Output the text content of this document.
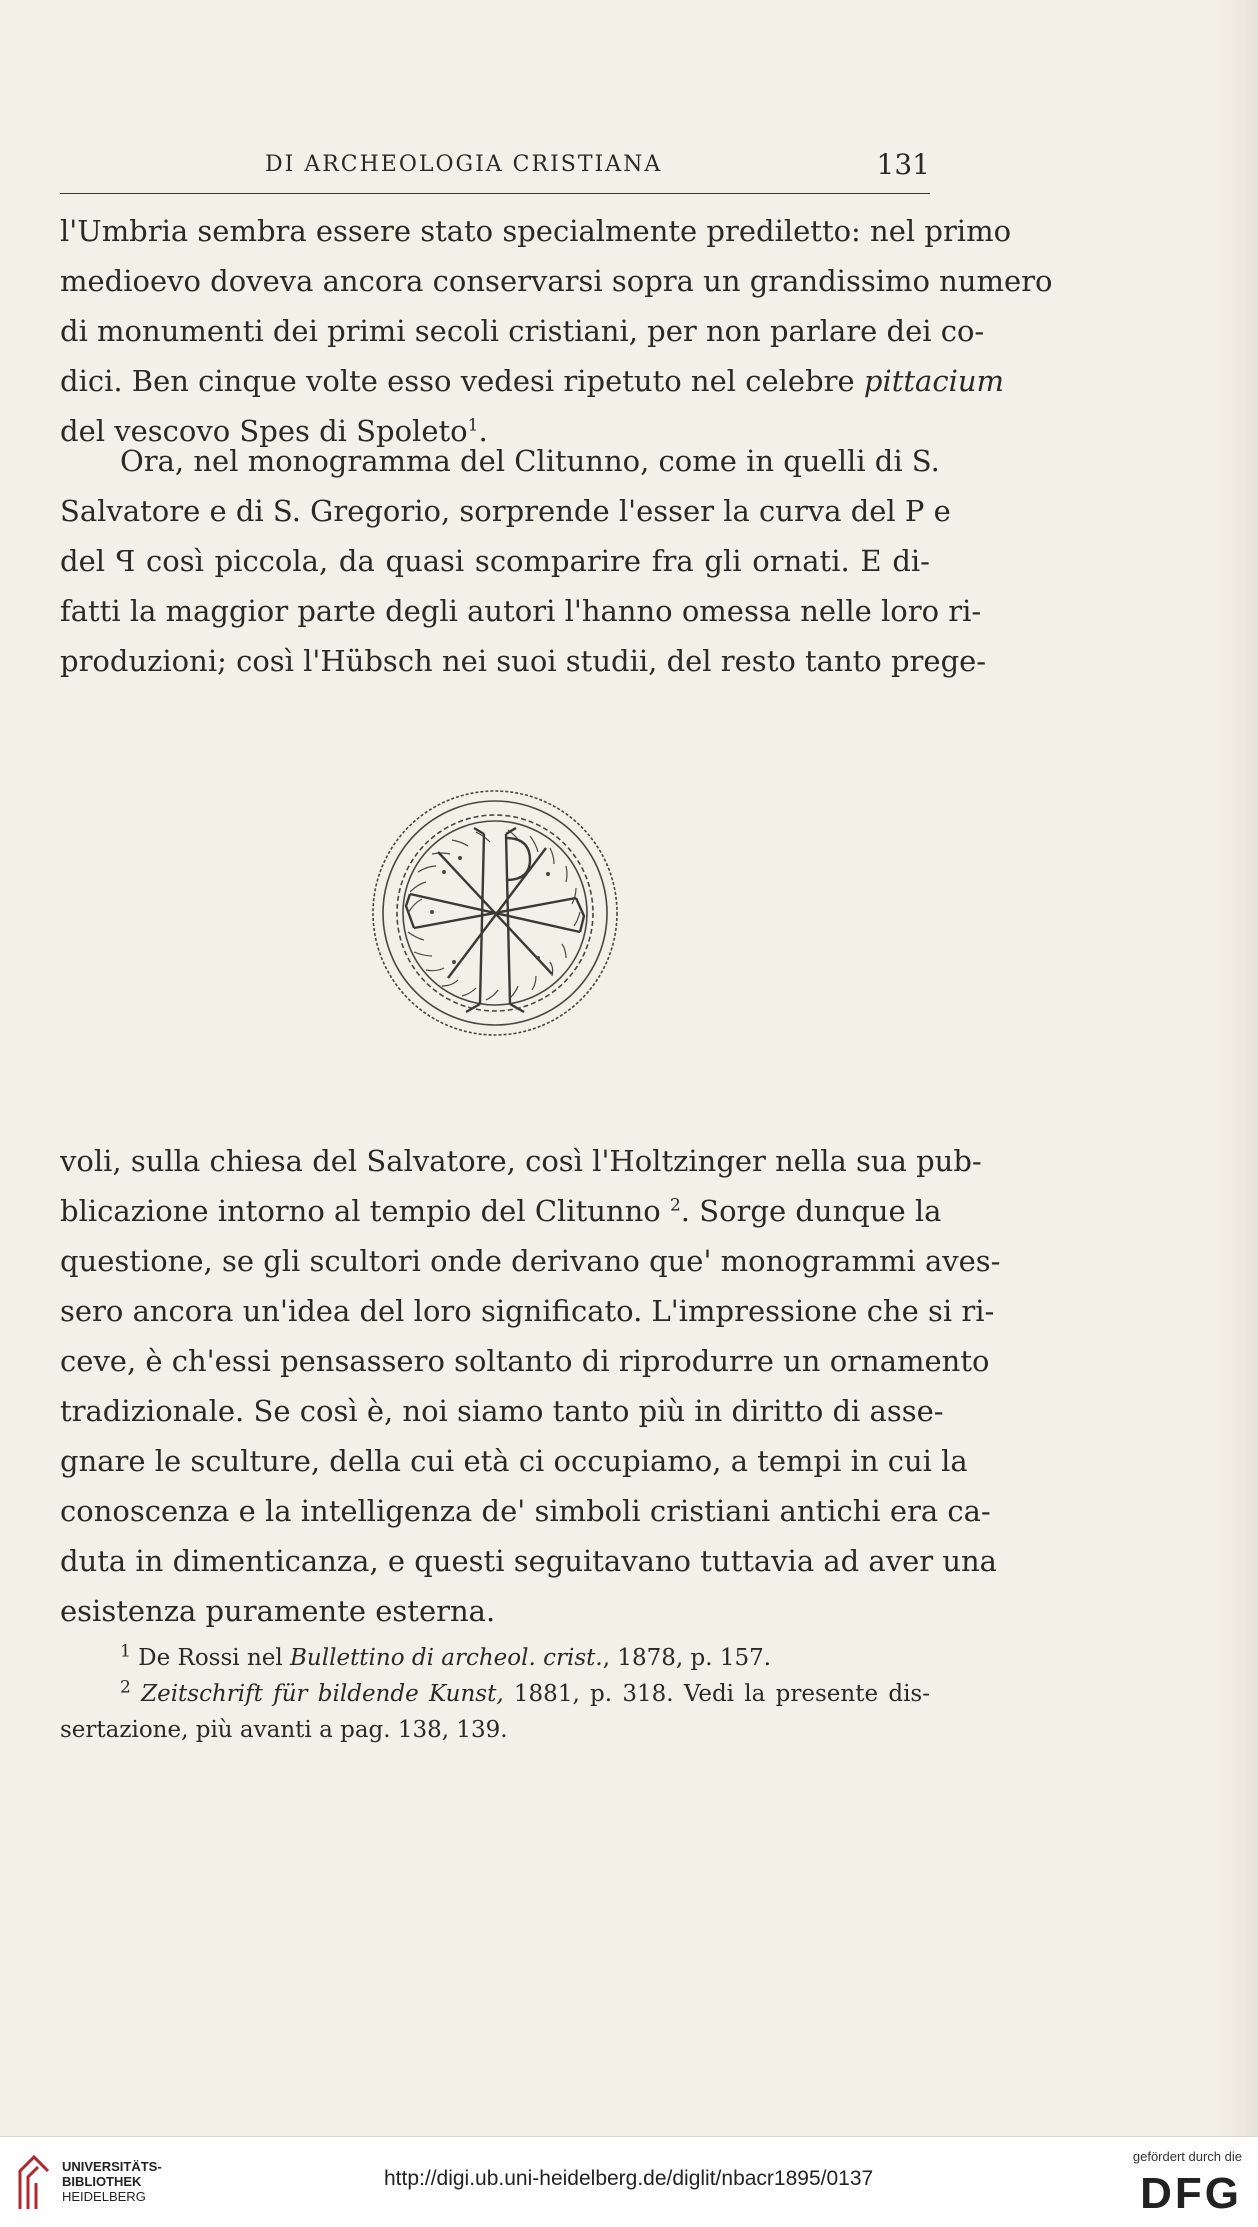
DI ARCHEOLOGIA CRISTIANA	131

l'Umbria sembra essere stato specialmente prediletto: nel primo
medioevo doveva ancora conservarsi sopra un grandissimo numero
di monumenti dei primi secoli cristiani, per non parlare dei co-
dici. Ben cinque volte esso vedesi ripetuto nel celebre pittacium
del vescovo Spes di Spoleto$^1$.

Ora, nel monogramma del Clitunno, come in quelli di S.
Salvatore e di S. Gregorio, sorprende l'esser la curva del P e
del ꟼ così piccola, da quasi scomparire fra gli ornati. E di-
fatti la maggior parte degli autori l'hanno omessa nelle loro ri-
produzioni; così l'Hübsch nei suoi studii, del resto tanto prege-

voli, sulla chiesa del Salvatore, così l'Holtzinger nella sua pub-
blicazione intorno al tempio del Clitunno $^2$. Sorge dunque la
questione, se gli scultori onde derivano que' monogrammi aves-
sero ancora un'idea del loro significato. L'impressione che si ri-
ceve, è ch'essi pensassero soltanto di riprodurre un ornamento
tradizionale. Se così è, noi siamo tanto più in diritto di asse-
gnare le sculture, della cui età ci occupiamo, a tempi in cui la
conoscenza e la intelligenza de' simboli cristiani antichi era ca-
duta in dimenticanza, e questi seguitavano tuttavia ad aver una
esistenza puramente esterna.

$^1$ De Rossi nel Bullettino di archeol. crist., 1878, p. 157.
$^2$ Zeitschrift für bildende Kunst, 1881, p. 318. Vedi la presente dis-
sertazione, più avanti a pag. 138, 139.
UNIVERSITÄTS-
BIBLIOTHEK
HEIDELBERG
http://digi.ub.uni-heidelberg.de/diglit/nbacr1895/0137
gefördert durch die
DFG
